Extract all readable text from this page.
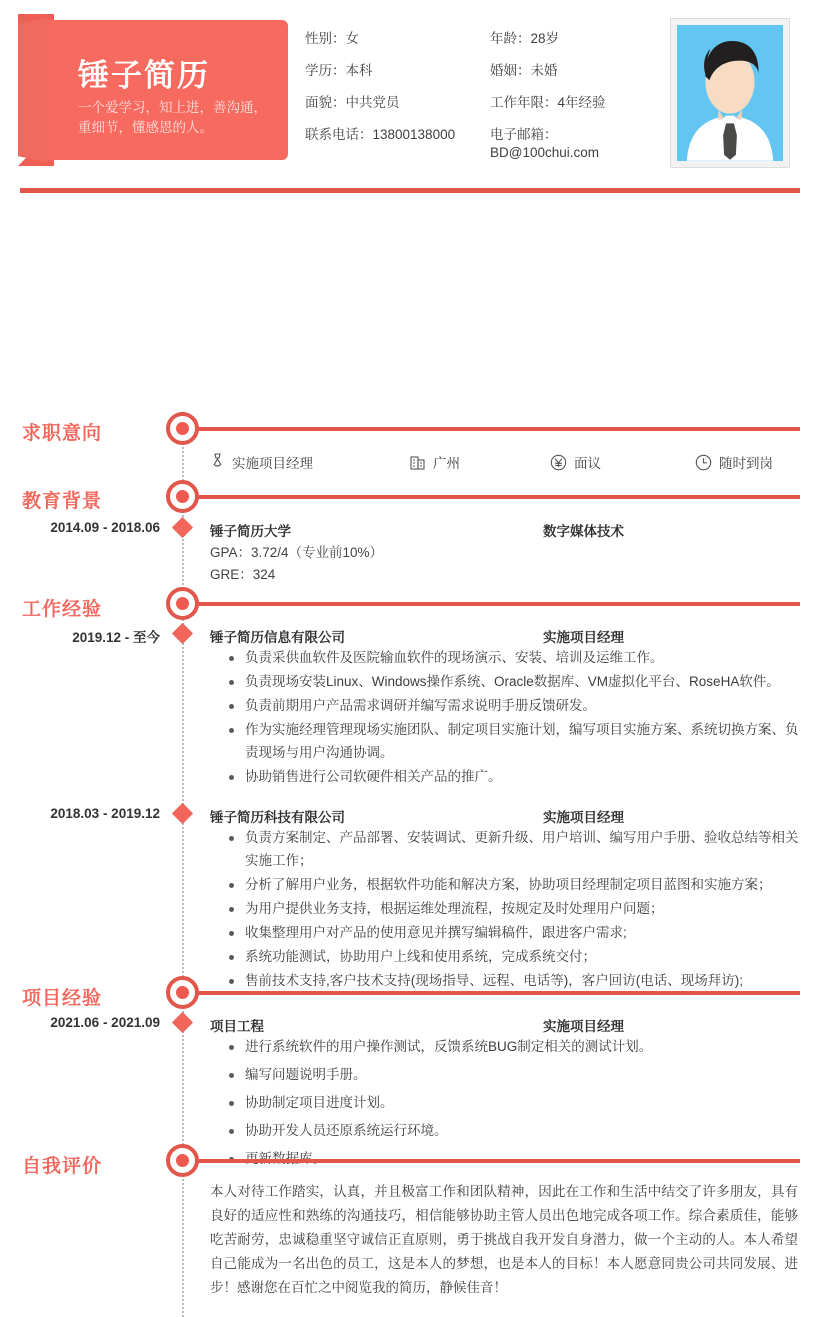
锤子简历
一个爱学习，知上进，善沟通，重细节，懂感恩的人。
性别：女	年龄：28岁
学历：本科	婚姻：未婚
面貌：中共党员	工作年限：4年经验
联系电话：13800138000	电子邮箱：BD@100chui.com
求职意向
实施项目经理	广州	面议	随时到岗
教育背景
2014.09 - 2018.06	锤子简历大学	数字媒体技术
GPA：3.72/4（专业前10%）
GRE：324
工作经验
2019.12 - 至今	锤子简历信息有限公司	实施项目经理
负责采供血软件及医院输血软件的现场演示、安装、培训及运维工作。
负责现场安装Linux、Windows操作系统、Oracle数据库、VM虚拟化平台、RoseHA软件。
负责前期用户产品需求调研并编写需求说明手册反馈研发。
作为实施经理管理现场实施团队、制定项目实施计划，编写项目实施方案、系统切换方案、负责现场与用户沟通协调。
协助销售进行公司软硬件相关产品的推广。
2018.03 - 2019.12	锤子简历科技有限公司	实施项目经理
负责方案制定、产品部署、安装调试、更新升级、用户培训、编写用户手册、验收总结等相关 实施工作；
分析了解用户业务，根据软件功能和解决方案，协助项目经理制定项目蓝图和实施方案；
为用户提供业务支持，根据运维处理流程，按规定及时处理用户问题；
收集整理用户对产品的使用意见并撰写编辑稿件，跟进客户需求;
系统功能测试，协助用户上线和使用系统，完成系统交付；
售前技术支持,客户技术支持(现场指导、远程、电话等)，客户回访(电话、现场拜访);
项目经验
2021.06 - 2021.09	项目工程	实施项目经理
进行系统软件的用户操作测试，反馈系统BUG制定相关的测试计划。
编写问题说明手册。
协助制定项目进度计划。
协助开发人员还原系统运行环境。
自我评价
本人对待工作踏实，认真，并且极富工作和团队精神，因此在工作和生活中结交了许多朋友，具有良好的适应性和熟练的沟通技巧，相信能够协助主管人员出色地完成各项工作。综合素质佳，能够吃苦耐劳，忠诚稳重坚守诚信正直原则，勇于挑战自我开发自身潜力，做一个主动的人。本人希望自己能成为一名出色的员工，这是本人的梦想，也是本人的目标！本人愿意同贵公司共同发展、进步！感谢您在百忙之中阅览我的简历，静候佳音！
